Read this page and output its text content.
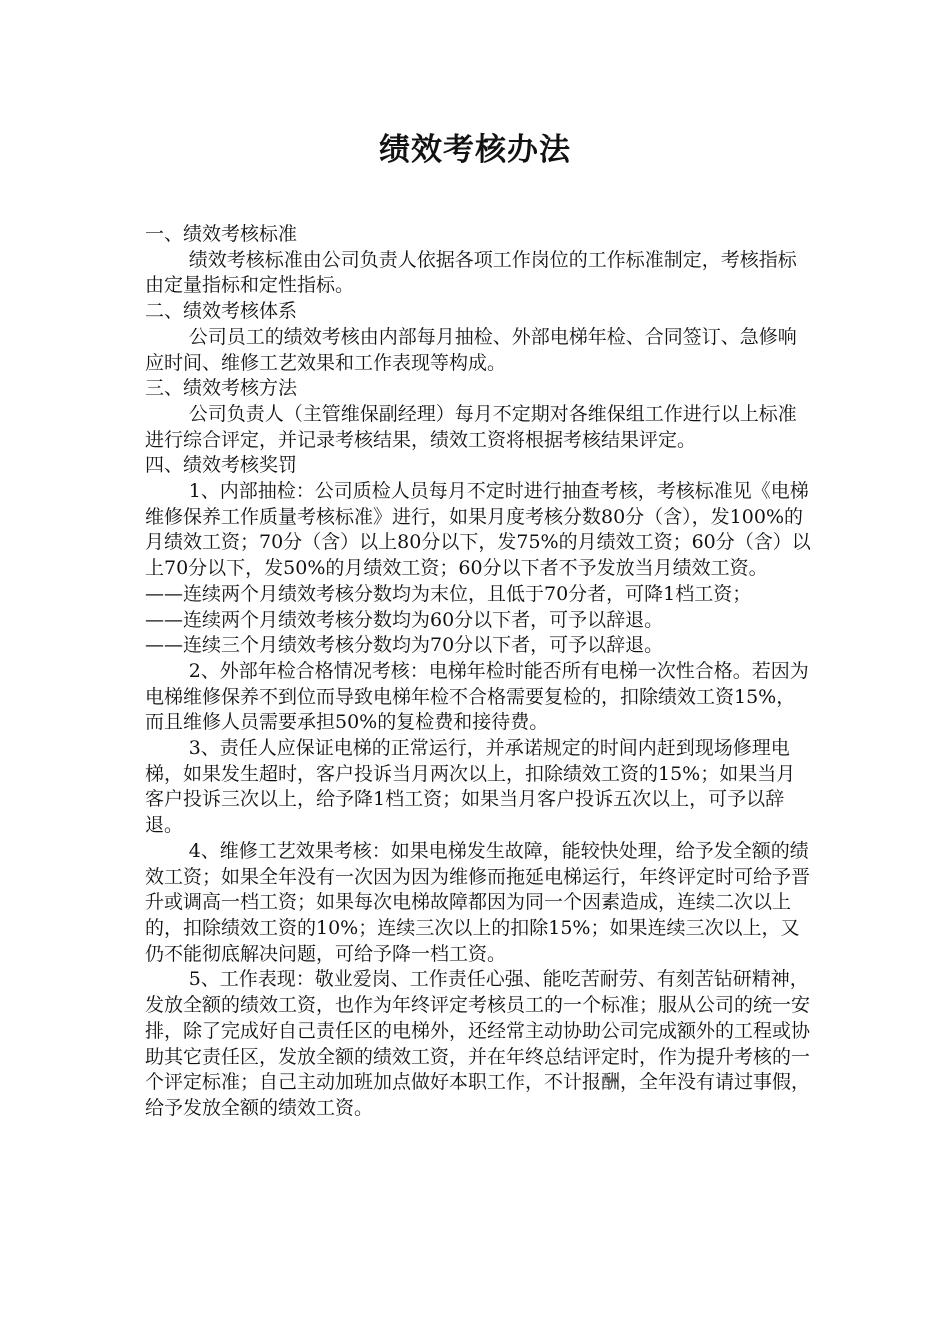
绩效考核办法

一、绩效考核标准

绩效考核标准由公司负责人依据各项工作岗位的工作标准制定，考核指标由定量指标和定性指标。

二、绩效考核体系

公司员工的绩效考核由内部每月抽检、外部电梯年检、合同签订、急修响应时间、维修工艺效果和工作表现等构成。

三、绩效考核方法

公司负责人（主管维保副经理）每月不定期对各维保组工作进行以上标准进行综合评定，并记录考核结果，绩效工资将根据考核结果评定。

四、绩效考核奖罚

1、内部抽检：公司质检人员每月不定时进行抽查考核，考核标准见《电梯维修保养工作质量考核标准》进行，如果月度考核分数80分（含），发100%的月绩效工资；70分（含）以上80分以下，发75%的月绩效工资；60分（含）以上70分以下，发50%的月绩效工资；60分以下者不予发放当月绩效工资。

——连续两个月绩效考核分数均为末位，且低于70分者，可降1档工资；

——连续两个月绩效考核分数均为60分以下者，可予以辞退。

——连续三个月绩效考核分数均为70分以下者，可予以辞退。

2、外部年检合格情况考核：电梯年检时能否所有电梯一次性合格。若因为电梯维修保养不到位而导致电梯年检不合格需要复检的，扣除绩效工资15%，而且维修人员需要承担50%的复检费和接待费。

3、责任人应保证电梯的正常运行，并承诺规定的时间内赶到现场修理电梯，如果发生超时，客户投诉当月两次以上，扣除绩效工资的15%；如果当月客户投诉三次以上，给予降1档工资；如果当月客户投诉五次以上，可予以辞退。

4、维修工艺效果考核：如果电梯发生故障，能较快处理，给予发全额的绩效工资；如果全年没有一次因为因为维修而拖延电梯运行，年终评定时可给予晋升或调高一档工资；如果每次电梯故障都因为同一个因素造成，连续二次以上的，扣除绩效工资的10%；连续三次以上的扣除15%；如果连续三次以上，又仍不能彻底解决问题，可给予降一档工资。

5、工作表现：敬业爱岗、工作责任心强、能吃苦耐劳、有刻苦钻研精神，发放全额的绩效工资，也作为年终评定考核员工的一个标准；服从公司的统一安排，除了完成好自己责任区的电梯外，还经常主动协助公司完成额外的工程或协助其它责任区，发放全额的绩效工资，并在年终总结评定时，作为提升考核的一个评定标准；自己主动加班加点做好本职工作，不计报酬，全年没有请过事假，给予发放全额的绩效工资。
